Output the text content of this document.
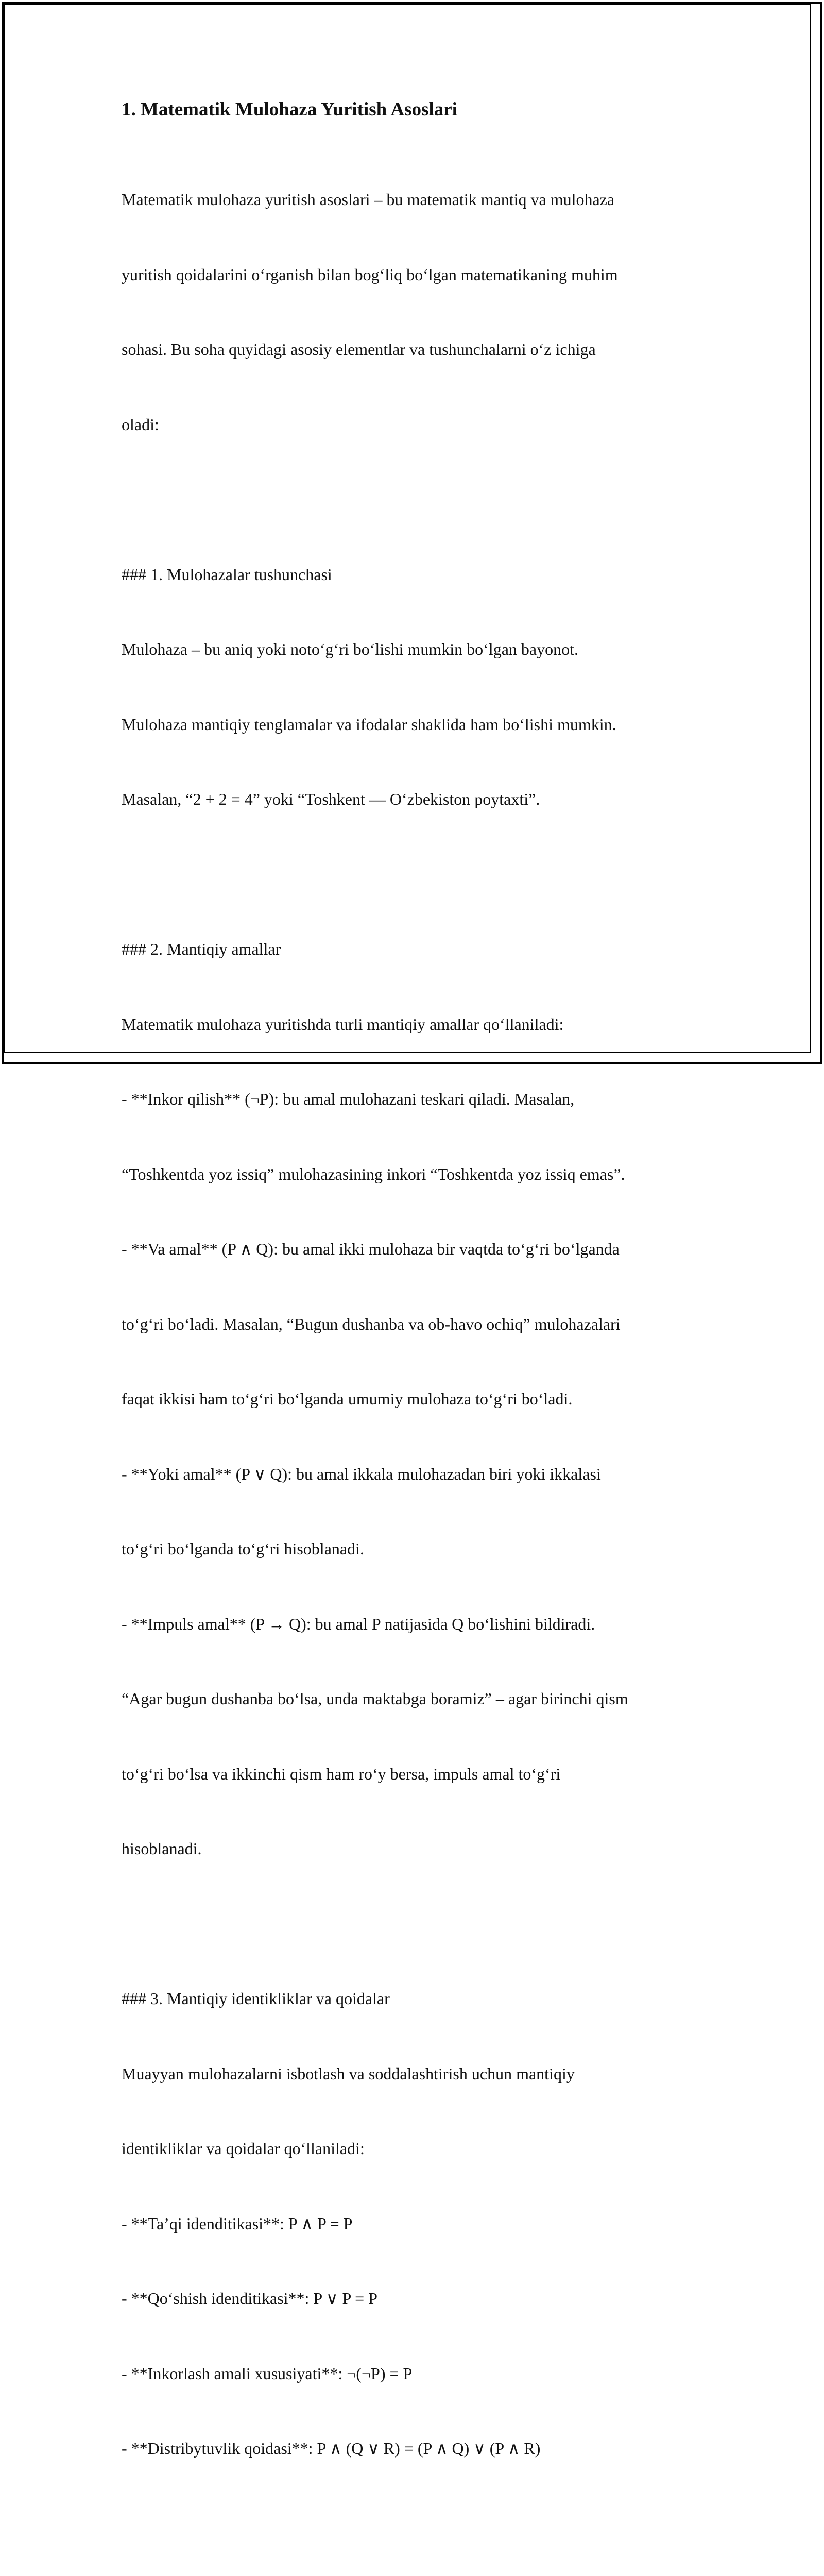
1. Matematik Mulohaza Yuritish Asoslari

Matematik mulohaza yuritish asoslari – bu matematik mantiq va mulohaza

yuritish qoidalarini o‘rganish bilan bog‘liq bo‘lgan matematikaning muhim

sohasi. Bu soha quyidagi asosiy elementlar va tushunchalarni o‘z ichiga

oladi:

### 1. Mulohazalar tushunchasi

Mulohaza – bu aniq yoki noto‘g‘ri bo‘lishi mumkin bo‘lgan bayonot.

Mulohaza mantiqiy tenglamalar va ifodalar shaklida ham bo‘lishi mumkin.

Masalan, “2 + 2 = 4” yoki “Toshkent — O‘zbekiston poytaxti”.

### 2. Mantiqiy amallar

Matematik mulohaza yuritishda turli mantiqiy amallar qo‘llaniladi:

- **Inkor qilish** (¬P): bu amal mulohazani teskari qiladi. Masalan,

“Toshkentda yoz issiq” mulohazasining inkori “Toshkentda yoz issiq emas”.

- **Va amal** (P ∧ Q): bu amal ikki mulohaza bir vaqtda to‘g‘ri bo‘lganda

to‘g‘ri bo‘ladi. Masalan, “Bugun dushanba va ob-havo ochiq” mulohazalari

faqat ikkisi ham to‘g‘ri bo‘lganda umumiy mulohaza to‘g‘ri bo‘ladi.

- **Yoki amal** (P ∨ Q): bu amal ikkala mulohazadan biri yoki ikkalasi

to‘g‘ri bo‘lganda to‘g‘ri hisoblanadi.

- **Impuls amal** (P → Q): bu amal P natijasida Q bo‘lishini bildiradi.

“Agar bugun dushanba bo‘lsa, unda maktabga boramiz” – agar birinchi qism

to‘g‘ri bo‘lsa va ikkinchi qism ham ro‘y bersa, impuls amal to‘g‘ri

hisoblanadi.

### 3. Mantiqiy identikliklar va qoidalar

Muayyan mulohazalarni isbotlash va soddalashtirish uchun mantiqiy

identikliklar va qoidalar qo‘llaniladi:

- **Ta’qi idenditikasi**: P ∧ P = P

- **Qo‘shish idenditikasi**: P ∨ P = P

- **Inkorlash amali xususiyati**: ¬(¬P) = P

- **Distribytuvlik qoidasi**: P ∧ (Q ∨ R) = (P ∧ Q) ∨ (P ∧ R)
